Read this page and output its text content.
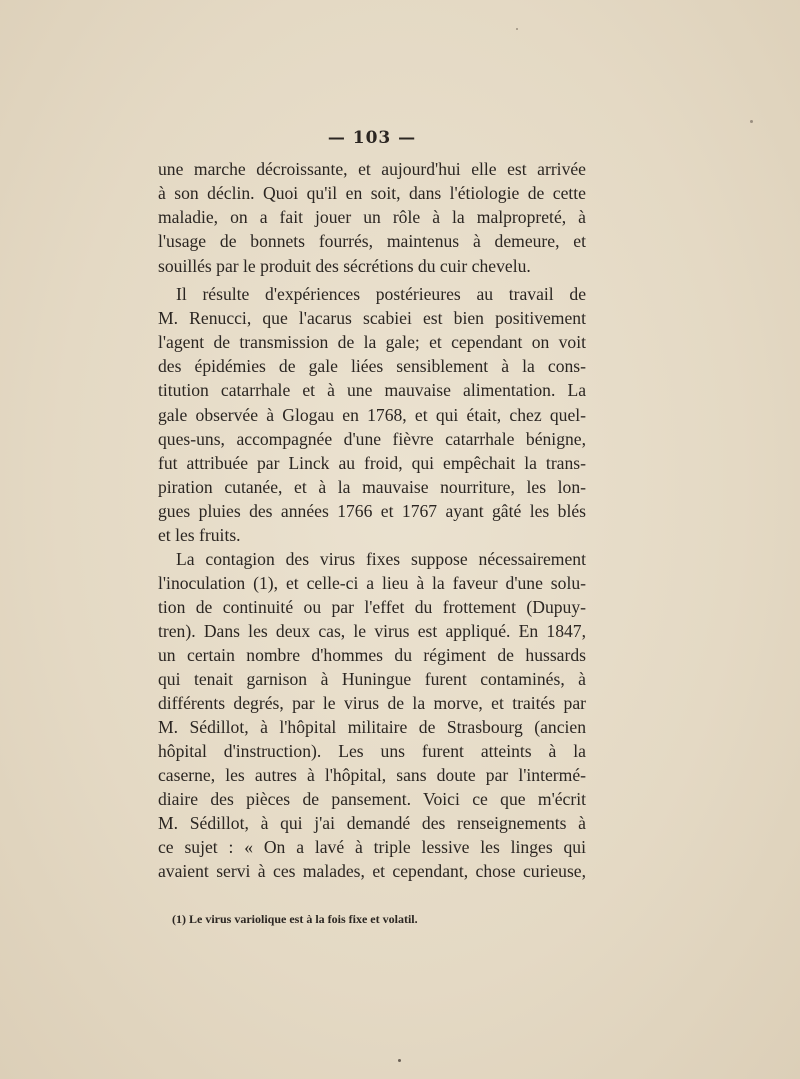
— 103 —
une marche décroissante, et aujourd'hui elle est arrivée
à son déclin. Quoi qu'il en soit, dans l'étiologie de cette
maladie, on a fait jouer un rôle à la malpropreté, à
l'usage de bonnets fourrés, maintenus à demeure, et
souillés par le produit des sécrétions du cuir chevelu.
Il résulte d'expériences postérieures au travail de
M. Renucci, que l'acarus scabiei est bien positivement
l'agent de transmission de la gale; et cependant on voit
des épidémies de gale liées sensiblement à la cons-
titution catarrhale et à une mauvaise alimentation. La
gale observée à Glogau en 1768, et qui était, chez quel-
ques-uns, accompagnée d'une fièvre catarrhale bénigne,
fut attribuée par Linck au froid, qui empêchait la trans-
piration cutanée, et à la mauvaise nourriture, les lon-
gues pluies des années 1766 et 1767 ayant gâté les blés
et les fruits.
La contagion des virus fixes suppose nécessairement
l'inoculation (1), et celle-ci a lieu à la faveur d'une solu-
tion de continuité ou par l'effet du frottement (Dupuy-
tren). Dans les deux cas, le virus est appliqué. En 1847,
un certain nombre d'hommes du régiment de hussards
qui tenait garnison à Huningue furent contaminés, à
différents degrés, par le virus de la morve, et traités par
M. Sédillot, à l'hôpital militaire de Strasbourg (ancien
hôpital d'instruction). Les uns furent atteints à la
caserne, les autres à l'hôpital, sans doute par l'intermé-
diaire des pièces de pansement. Voici ce que m'écrit
M. Sédillot, à qui j'ai demandé des renseignements à
ce sujet : « On a lavé à triple lessive les linges qui
avaient servi à ces malades, et cependant, chose curieuse,
(1) Le virus variolique est à la fois fixe et volatil.
